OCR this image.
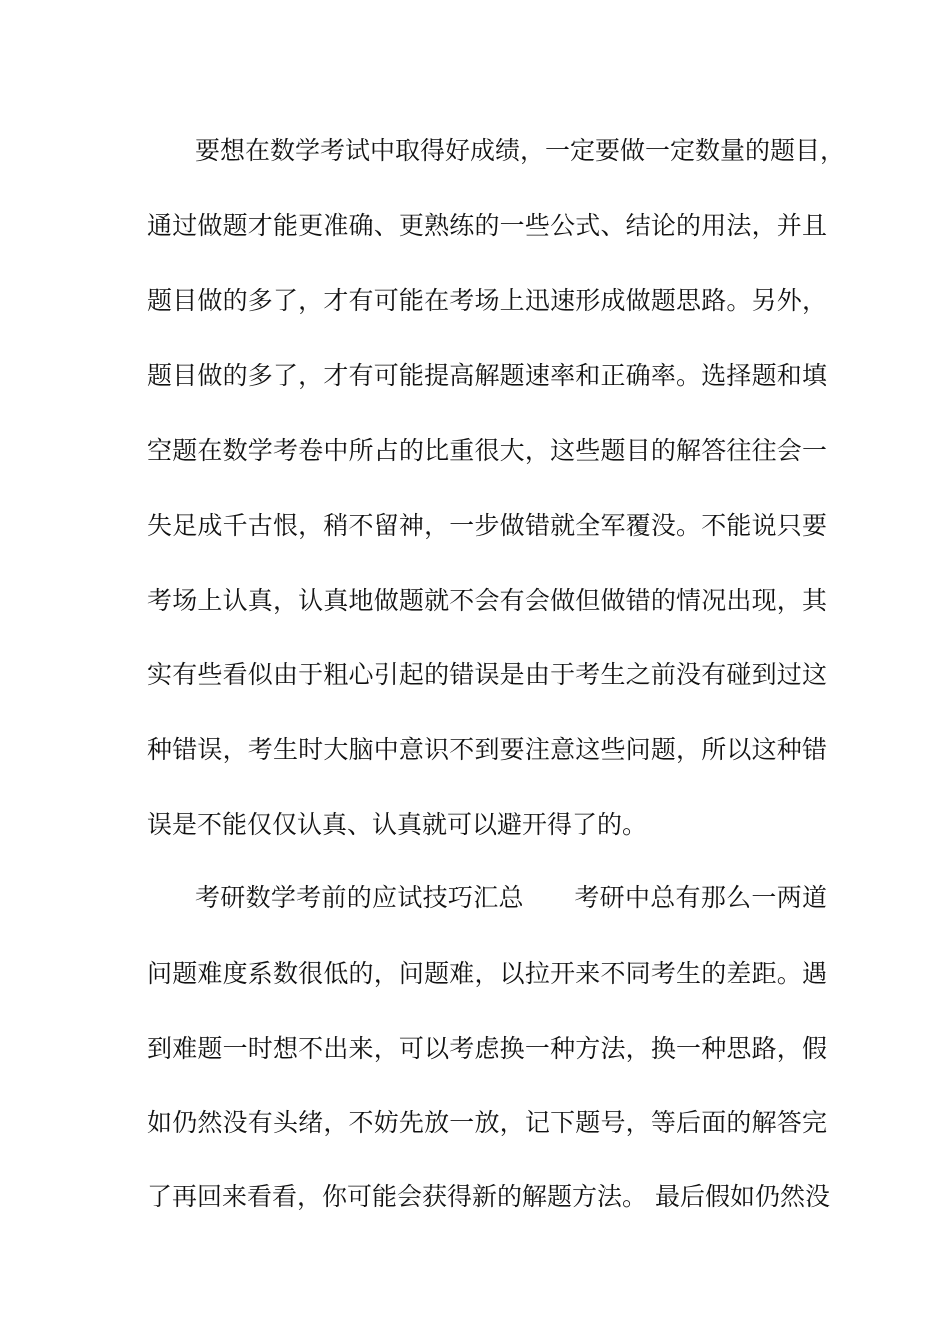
要想在数学考试中取得好成绩，一定要做一定数量的题目，
通过做题才能更准确、更熟练的一些公式、结论的用法，并且
题目做的多了，才有可能在考场上迅速形成做题思路。另外，
题目做的多了，才有可能提高解题速率和正确率。选择题和填
空题在数学考卷中所占的比重很大，这些题目的解答往往会一
失足成千古恨，稍不留神，一步做错就全军覆没。不能说只要
考场上认真，认真地做题就不会有会做但做错的情况出现，其
实有些看似由于粗心引起的错误是由于考生之前没有碰到过这
种错误，考生时大脑中意识不到要注意这些问题，所以这种错
误是不能仅仅认真、认真就可以避开得了的。
考研数学考前的应试技巧汇总　　考研中总有那么一两道
问题难度系数很低的，问题难，以拉开来不同考生的差距。遇
到难题一时想不出来，可以考虑换一种方法，换一种思路，假
如仍然没有头绪，不妨先放一放，记下题号，等后面的解答完
了再回来看看，你可能会获得新的解题方法。 最后假如仍然没
